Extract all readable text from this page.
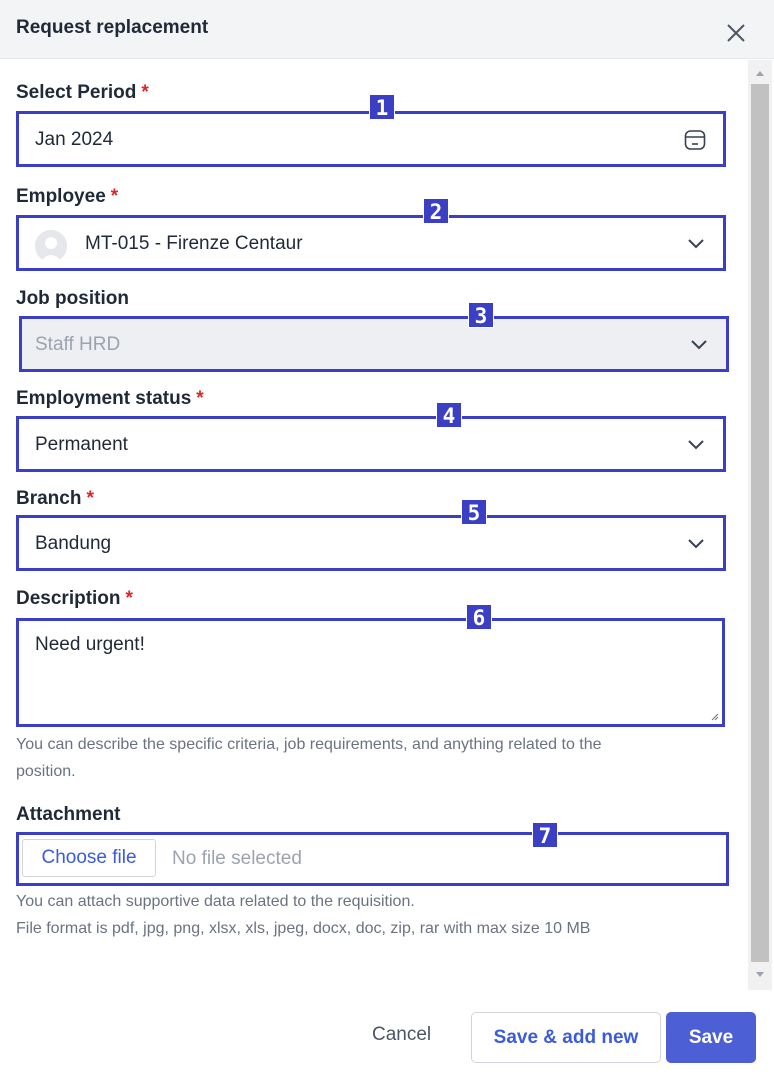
Request replacement
Select Period *
Jan 2024
1
Employee *
MT-015 - Firenze Centaur
2
Job position
Staff HRD
3
Employment status *
Permanent
4
Branch *
Bandung
5
Description *
Need urgent!
6
You can describe the specific criteria, job requirements, and anything related to the
position.
Attachment
Choose file	No file selected
7
You can attach supportive data related to the requisition.
File format is pdf, jpg, png, xlsx, xls, jpeg, docx, doc, zip, rar with max size 10 MB
Cancel	Save & add new	Save
